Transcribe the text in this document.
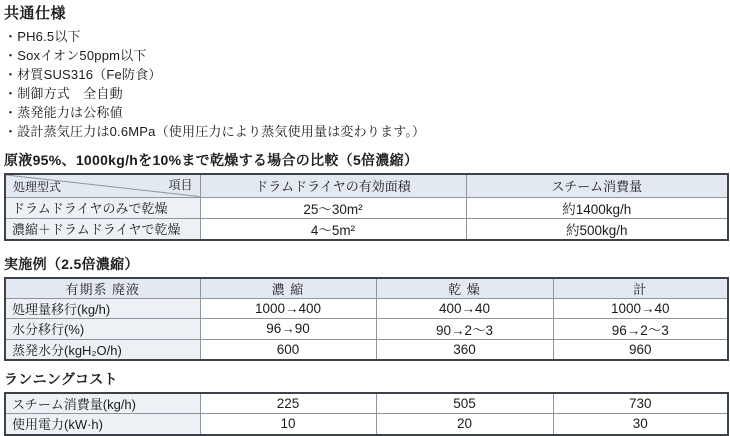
共通仕様
・PH6.5以下
・Soxイオン50ppm以下
・材質SUS316（Fe防食）
・制御方式　全自動
・蒸発能力は公称値
・設計蒸気圧力は0.6MPa（使用圧力により蒸気使用量は変わります。）
原液95%、1000kg/hを10%まで乾燥する場合の比較（5倍濃縮）
項目
処理型式	ドラムドライヤの有効面積	スチーム消費量
ドラムドライヤのみで乾燥	25～30m²	約1400kg/h
濃縮＋ドラムドライヤで乾燥	4～5m²	約500kg/h
実施例（2.5倍濃縮）
有期系 廃液	濃 縮	乾 燥	計
処理量移行(kg/h)	1000→400	400→40	1000→40
水分移行(%)	96→90	90→2～3	96→2～3
蒸発水分(kgH₂O/h)	600	360	960
ランニングコスト
スチーム消費量(kg/h)	225	505	730
使用電力(kW·h)	10	20	30
